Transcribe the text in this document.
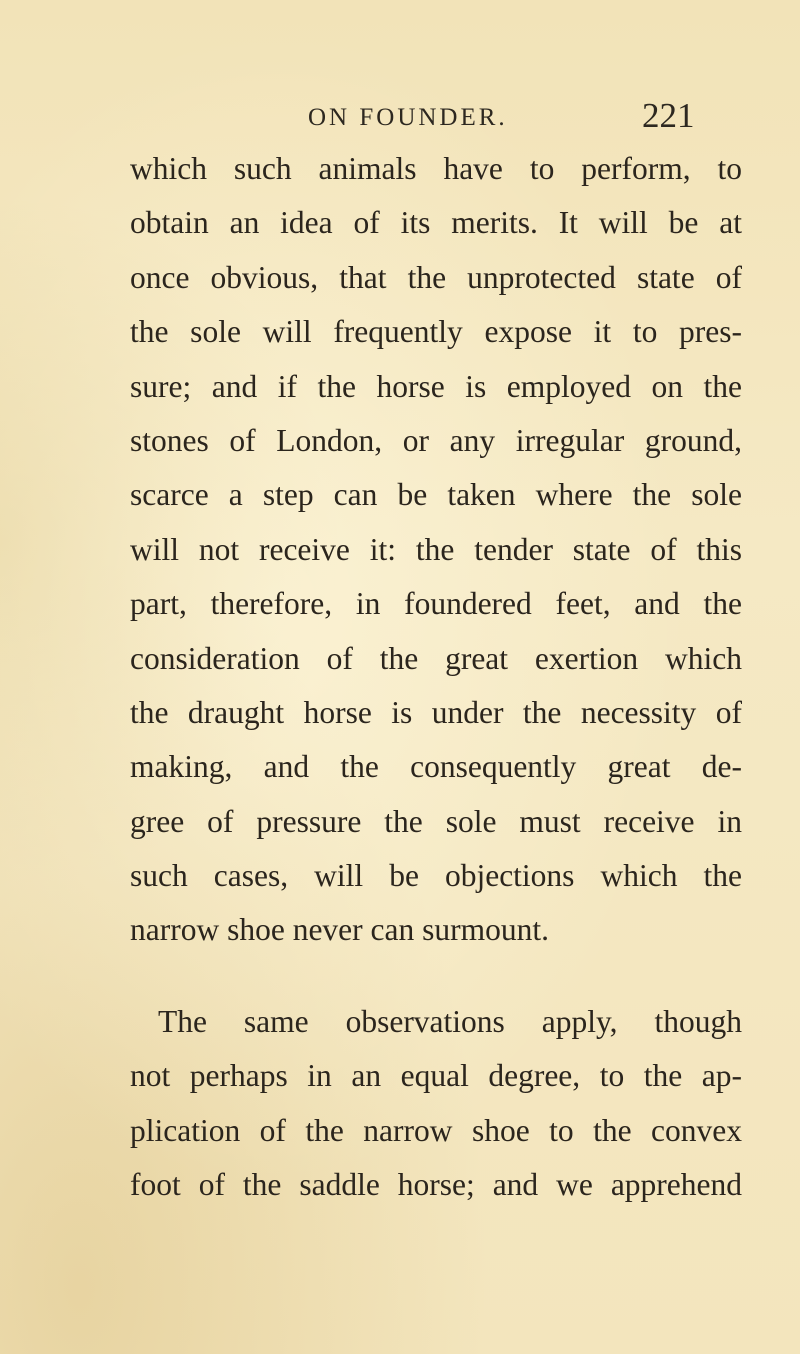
ON FOUNDER.	221
which such animals have to perform, to
obtain an idea of its merits. It will be at
once obvious, that the unprotected state of
the sole will frequently expose it to pres-
sure; and if the horse is employed on the
stones of London, or any irregular ground,
scarce a step can be taken where the sole
will not receive it: the tender state of this
part, therefore, in foundered feet, and the
consideration of the great exertion which
the draught horse is under the necessity of
making, and the consequently great de-
gree of pressure the sole must receive in
such cases, will be objections which the
narrow shoe never can surmount.
The same observations apply, though
not perhaps in an equal degree, to the ap-
plication of the narrow shoe to the convex
foot of the saddle horse; and we apprehend
